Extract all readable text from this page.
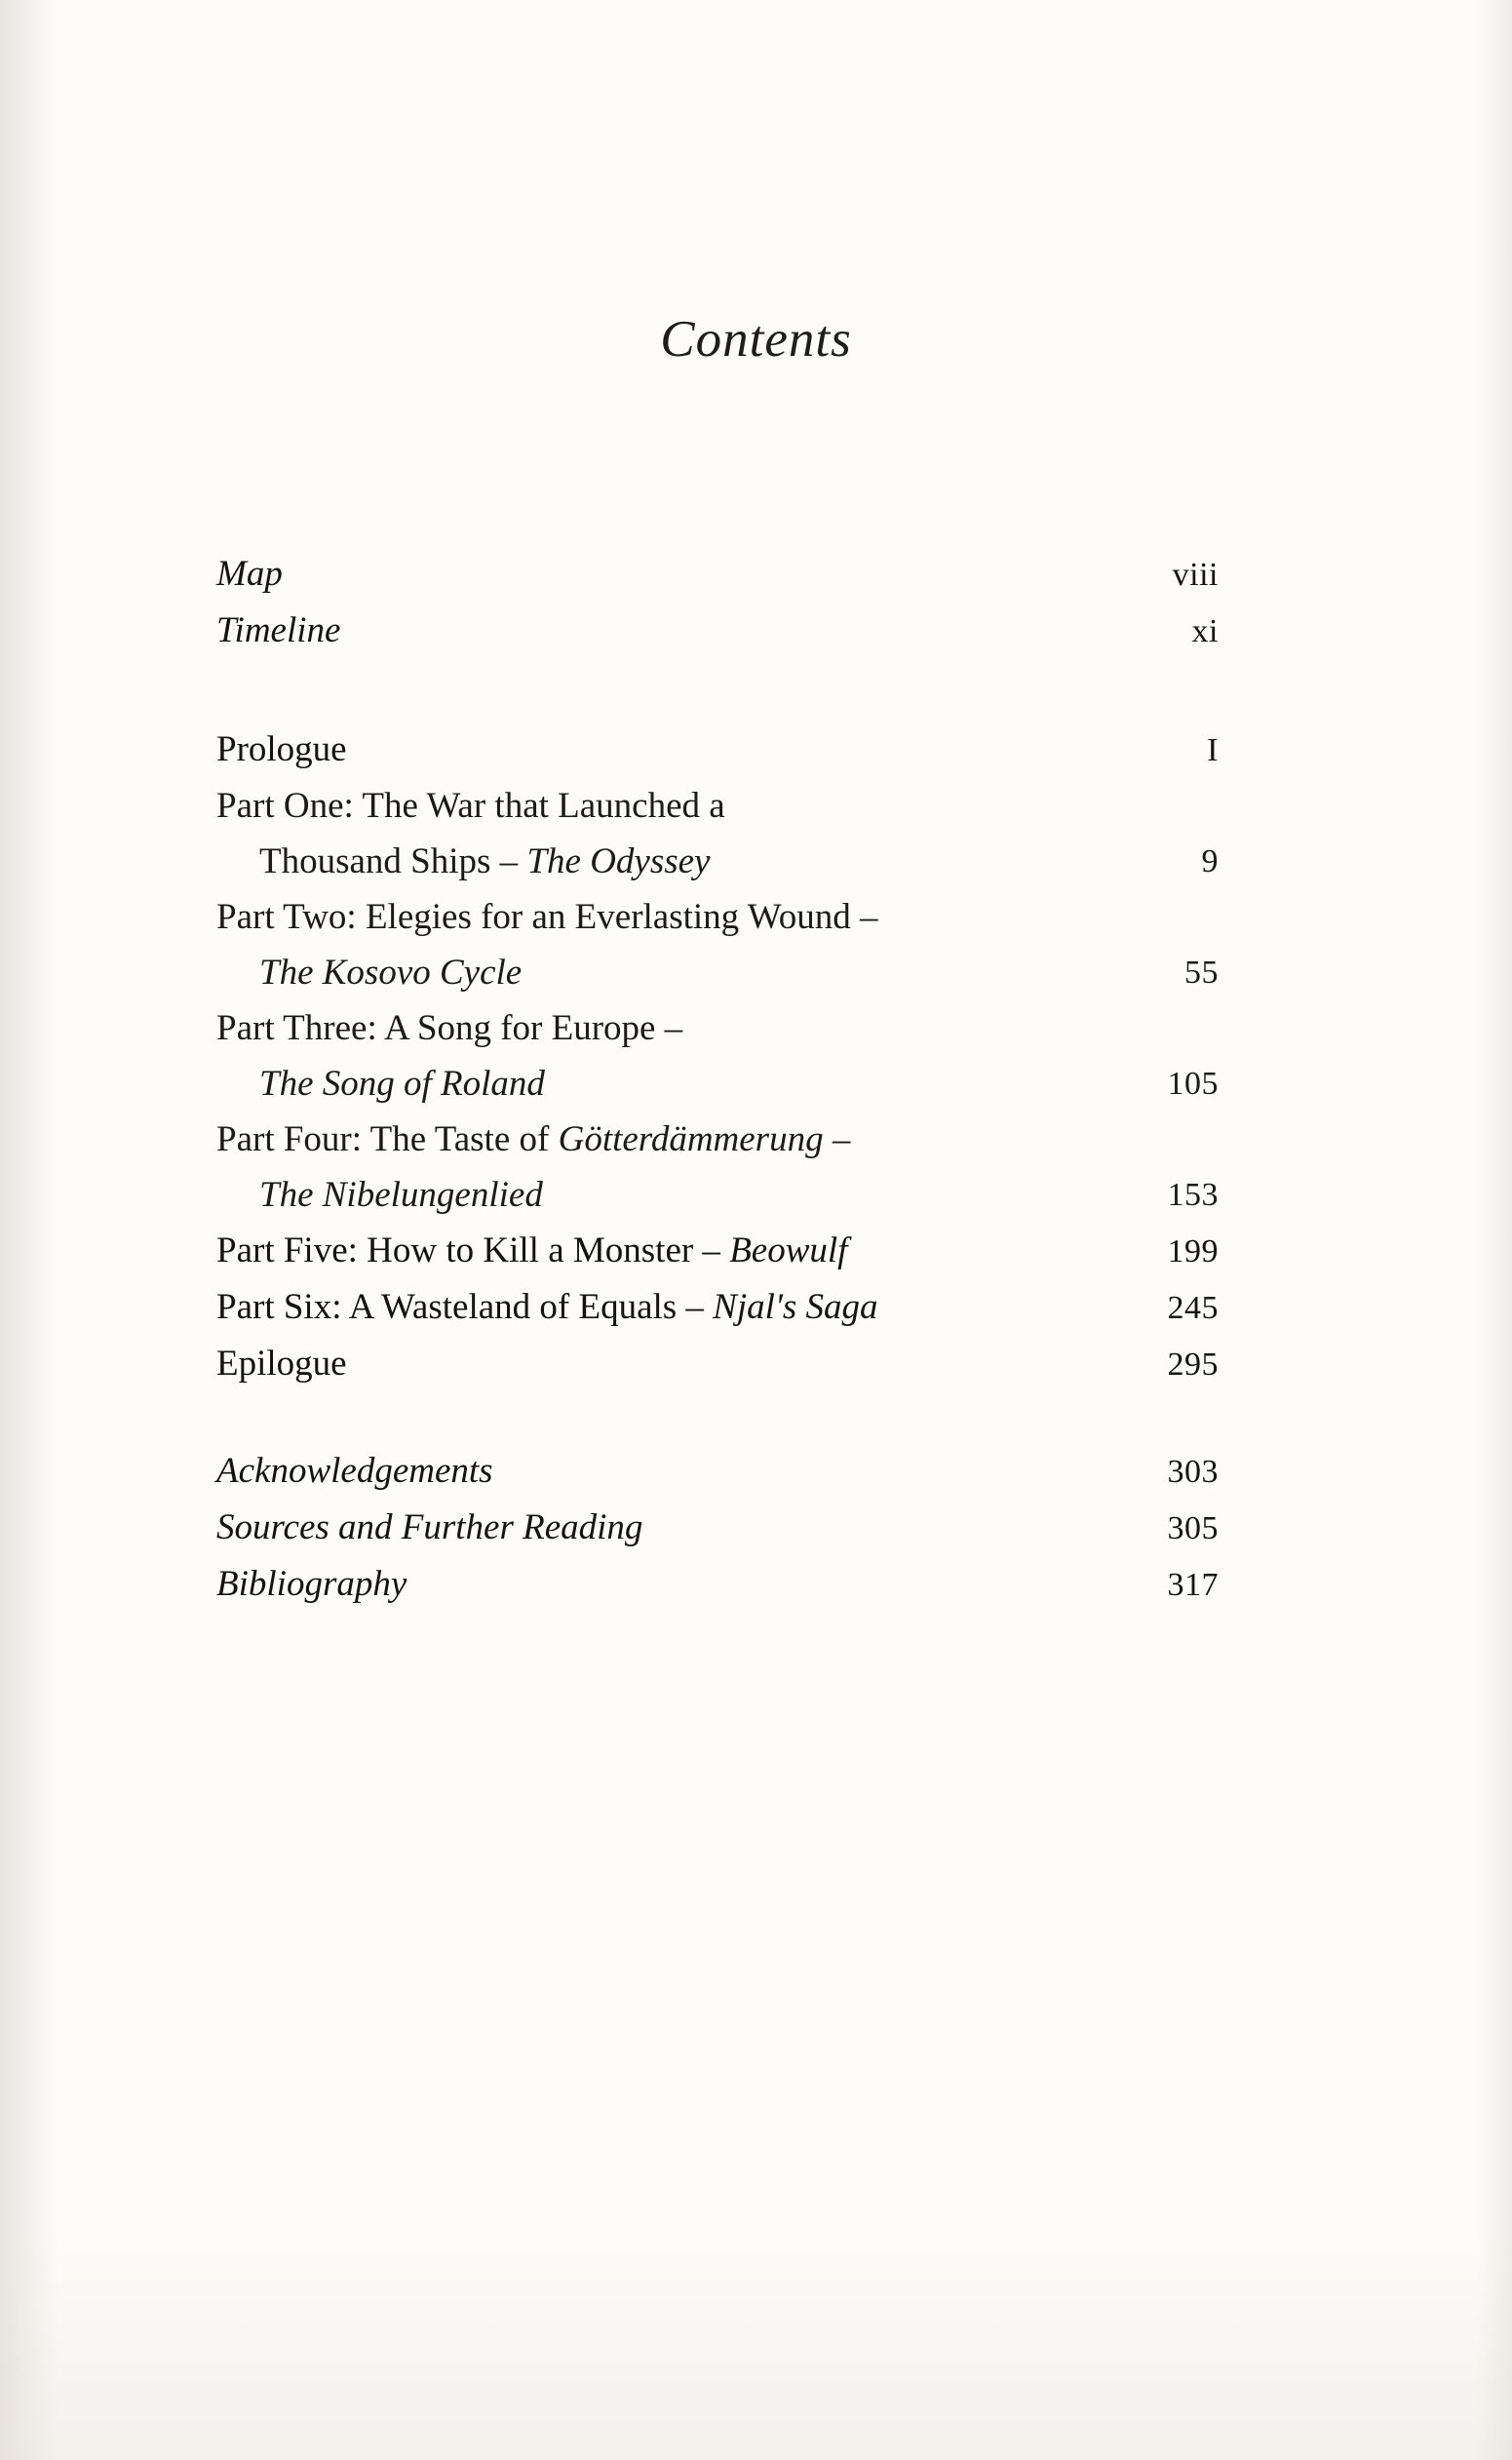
Contents
Map	viii
Timeline	xi
Prologue	I
Part One: The War that Launched a
Thousand Ships – The Odyssey	9
Part Two: Elegies for an Everlasting Wound –
The Kosovo Cycle	55
Part Three: A Song for Europe –
The Song of Roland	105
Part Four: The Taste of Götterdämmerung –
The Nibelungenlied	153
Part Five: How to Kill a Monster – Beowulf	199
Part Six: A Wasteland of Equals – Njal's Saga	245
Epilogue	295
Acknowledgements	303
Sources and Further Reading	305
Bibliography	317
